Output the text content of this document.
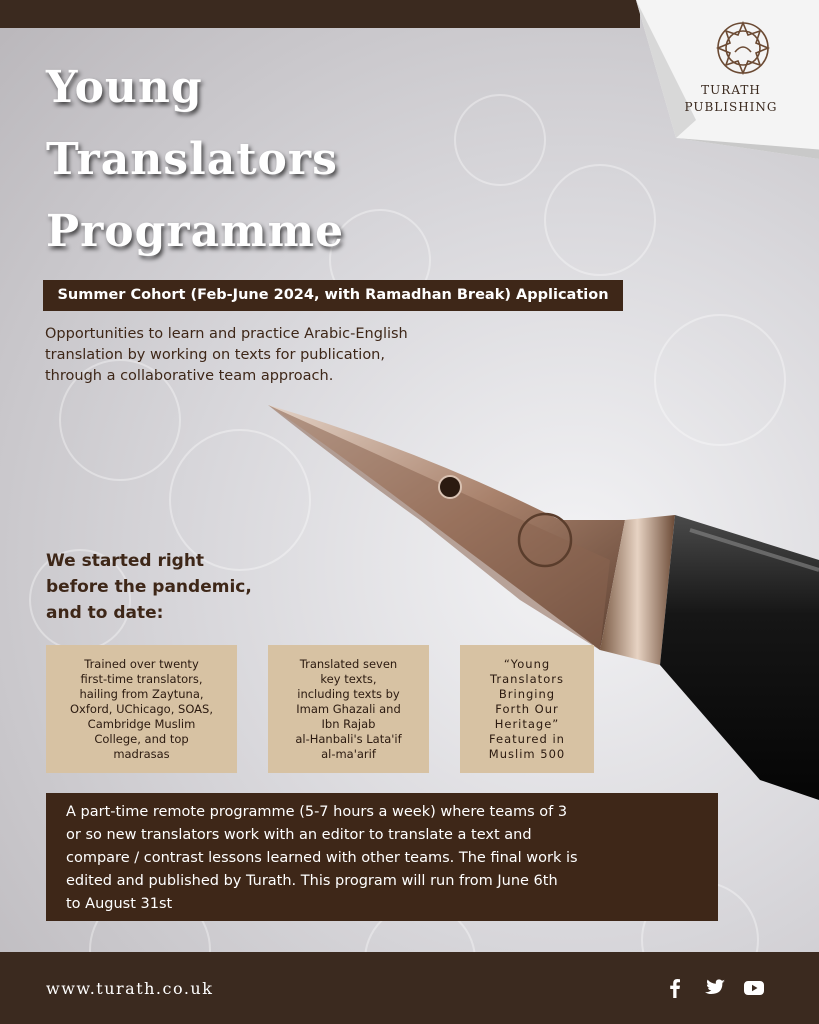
TURATH
PUBLISHING
Young
Translators
Programme
Summer Cohort (Feb-June 2024, with Ramadhan Break) Application
Opportunities to learn and practice Arabic-English
translation by working on texts for publication,
through a collaborative team approach.
We started right
before the pandemic,
and to date:
Trained over twenty
first-time translators,
hailing from Zaytuna,
Oxford, UChicago, SOAS,
Cambridge Muslim
College, and top
madrasas
Translated seven
key texts,
including texts by
Imam Ghazali and
Ibn Rajab
al-Hanbali's Lata'if
al-ma'arif
“Young
Translators
Bringing
Forth Our
Heritage”
Featured in
Muslim 500
A part-time remote programme (5-7 hours a week) where teams of 3
or so new translators work with an editor to translate a text and
compare / contrast lessons learned with other teams. The final work is
edited and published by Turath. This program will run from June 6th
to August 31st
www.turath.co.uk
